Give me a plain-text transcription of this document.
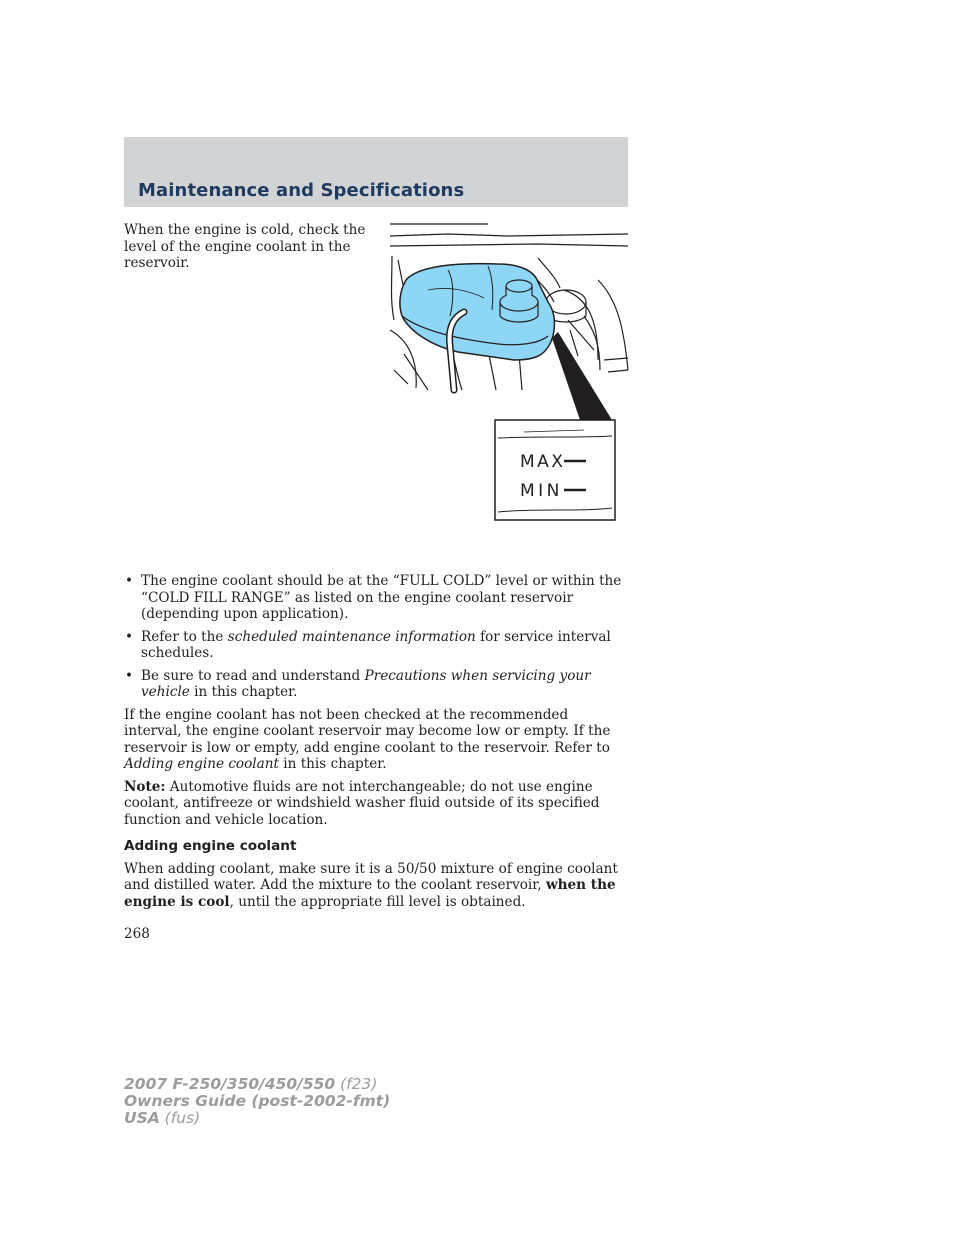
Maintenance and Specifications

When the engine is cold, check the level of the engine coolant in the reservoir.

MAX
MIN
• The engine coolant should be at the “FULL COLD” level or within the “COLD FILL RANGE” as listed on the engine coolant reservoir (depending upon application).
• Refer to the scheduled maintenance information for service interval schedules.
• Be sure to read and understand Precautions when servicing your vehicle in this chapter.

If the engine coolant has not been checked at the recommended interval, the engine coolant reservoir may become low or empty. If the reservoir is low or empty, add engine coolant to the reservoir. Refer to Adding engine coolant in this chapter.

Note: Automotive fluids are not interchangeable; do not use engine coolant, antifreeze or windshield washer fluid outside of its specified function and vehicle location.

Adding engine coolant

When adding coolant, make sure it is a 50/50 mixture of engine coolant and distilled water. Add the mixture to the coolant reservoir, when the engine is cool, until the appropriate fill level is obtained.

268
2007 F-250/350/450/550 (f23)
Owners Guide (post-2002-fmt)
USA (fus)
